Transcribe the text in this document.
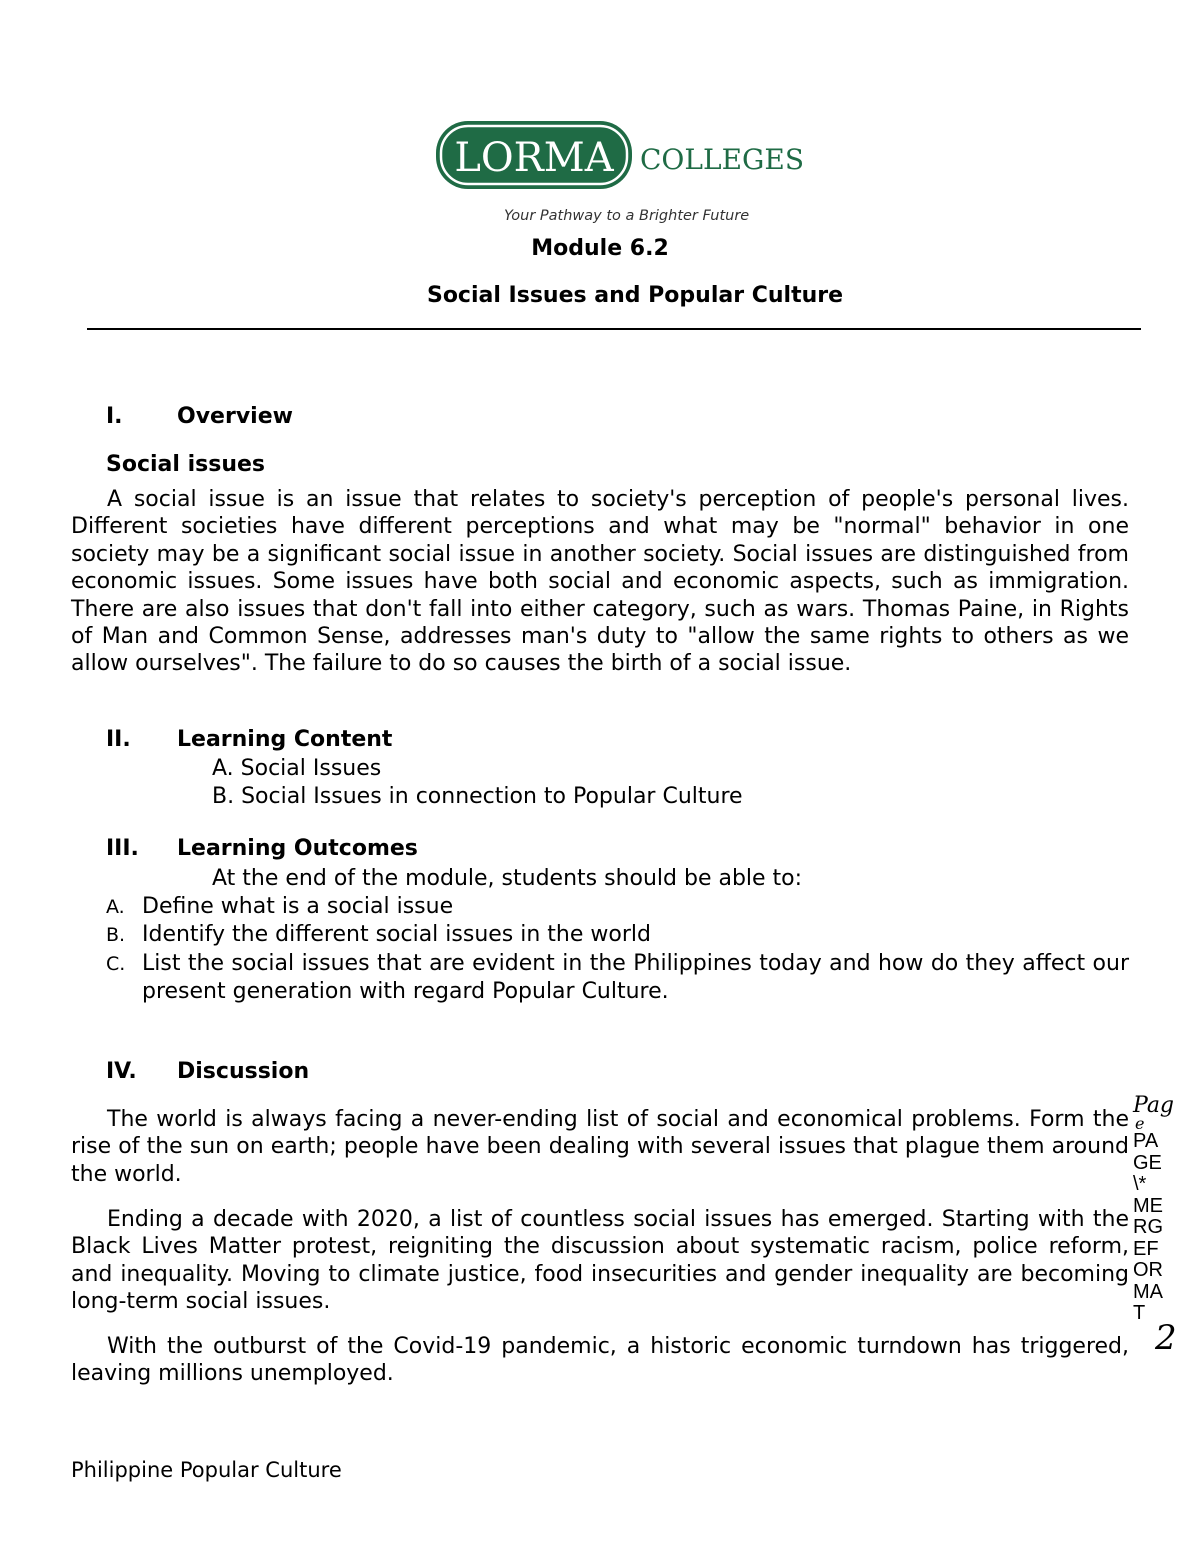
LORMA COLLEGES
Your Pathway to a Brighter Future
Module 6.2
Social Issues and Popular Culture
I. Overview
Social issues

A social issue is an issue that relates to society's perception of people's personal lives. Different societies have different perceptions and what may be "normal" behavior in one society may be a significant social issue in another society. Social issues are distinguished from economic issues. Some issues have both social and economic aspects, such as immigration. There are also issues that don't fall into either category, such as wars. Thomas Paine, in Rights of Man and Common Sense, addresses man's duty to "allow the same rights to others as we allow ourselves". The failure to do so causes the birth of a social issue.

II. Learning Content
A. Social Issues
B. Social Issues in connection to Popular Culture
III. Learning Outcomes
At the end of the module, students should be able to:
A. Define what is a social issue

B. Identify the different social issues in the world

C. List the social issues that are evident in the Philippines today and how do they affect our present generation with regard Popular Culture.

IV. Discussion

The world is always facing a never-ending list of social and economical problems. Form the rise of the sun on earth; people have been dealing with several issues that plague them around the world.

Ending a decade with 2020, a list of countless social issues has emerged. Starting with the Black Lives Matter protest, reigniting the discussion about systematic racism, police reform, and inequality. Moving to climate justice, food insecurities and gender inequality are becoming long-term social issues.

With the outburst of the Covid-19 pandemic, a historic economic turndown has triggered, leaving millions unemployed.

Pag
e
PA
GE
\*
ME
RG
EF
OR
MA
T
2
Philippine Popular Culture
